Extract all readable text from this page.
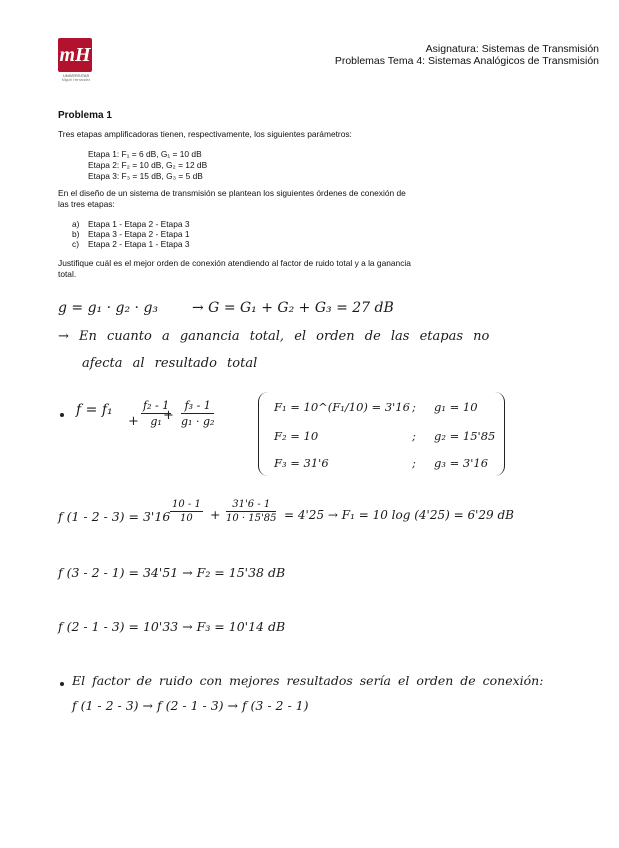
mH
UNIVERSITAS
Miguel Hernández
Asignatura: Sistemas de Transmisión
Problemas Tema 4: Sistemas Analógicos de Transmisión
Problema 1
Tres etapas amplificadoras tienen, respectivamente, los siguientes parámetros:
Etapa 1: F₁ = 6 dB, G₁ = 10 dB
Etapa 2: F₂ = 10 dB, G₂ = 12 dB
Etapa 3: F₃ = 15 dB, G₃ = 5 dB
En el diseño de un sistema de transmisión se plantean los siguientes órdenes de conexión de las tres etapas:
a) Etapa 1 - Etapa 2 - Etapa 3
b) Etapa 3 - Etapa 2 - Etapa 1
c) Etapa 2 - Etapa 1 - Etapa 3
Justifique cuál es el mejor orden de conexión atendiendo al factor de ruido total y a la ganancia total.
g = g₁ · g₂ · g₃ → G = G₁ + G₂ + G₃ = 27 dB
→ En cuanto a ganancia total, el orden de las etapas no
afecta al resultado total
f = f₁
+ $\frac{\text{f₂ - 1}}{\text{g₁}}$
+ $\frac{\text{f₃ - 1}}{\text{g₁ · g₂}}$	F₁ = 10^(F₁/10) = 3'16 ; g₁ = 10
F₂ = 10	; g₂ = 15'85
F₃ = 31'6	; g₃ = 3'16
f $(1 - 2 - 3) = 3'16 \frac{10 - 1}{10} + \frac{31'6 - 1}{10 \cdot 15'85} = 4'25 \to F_1 = 10$ log (4'25) = 6'29 dB
f (3 - 2 - 1) = 34'51 → F₂ = 15'38 dB
f (2 - 1 - 3) = 10'33 → F₃ = 10'14 dB
El factor de ruido con mejores resultados sería el orden de conexión:
f (1 - 2 - 3) → f (2 - 1 - 3) → f (3 - 2 - 1)
